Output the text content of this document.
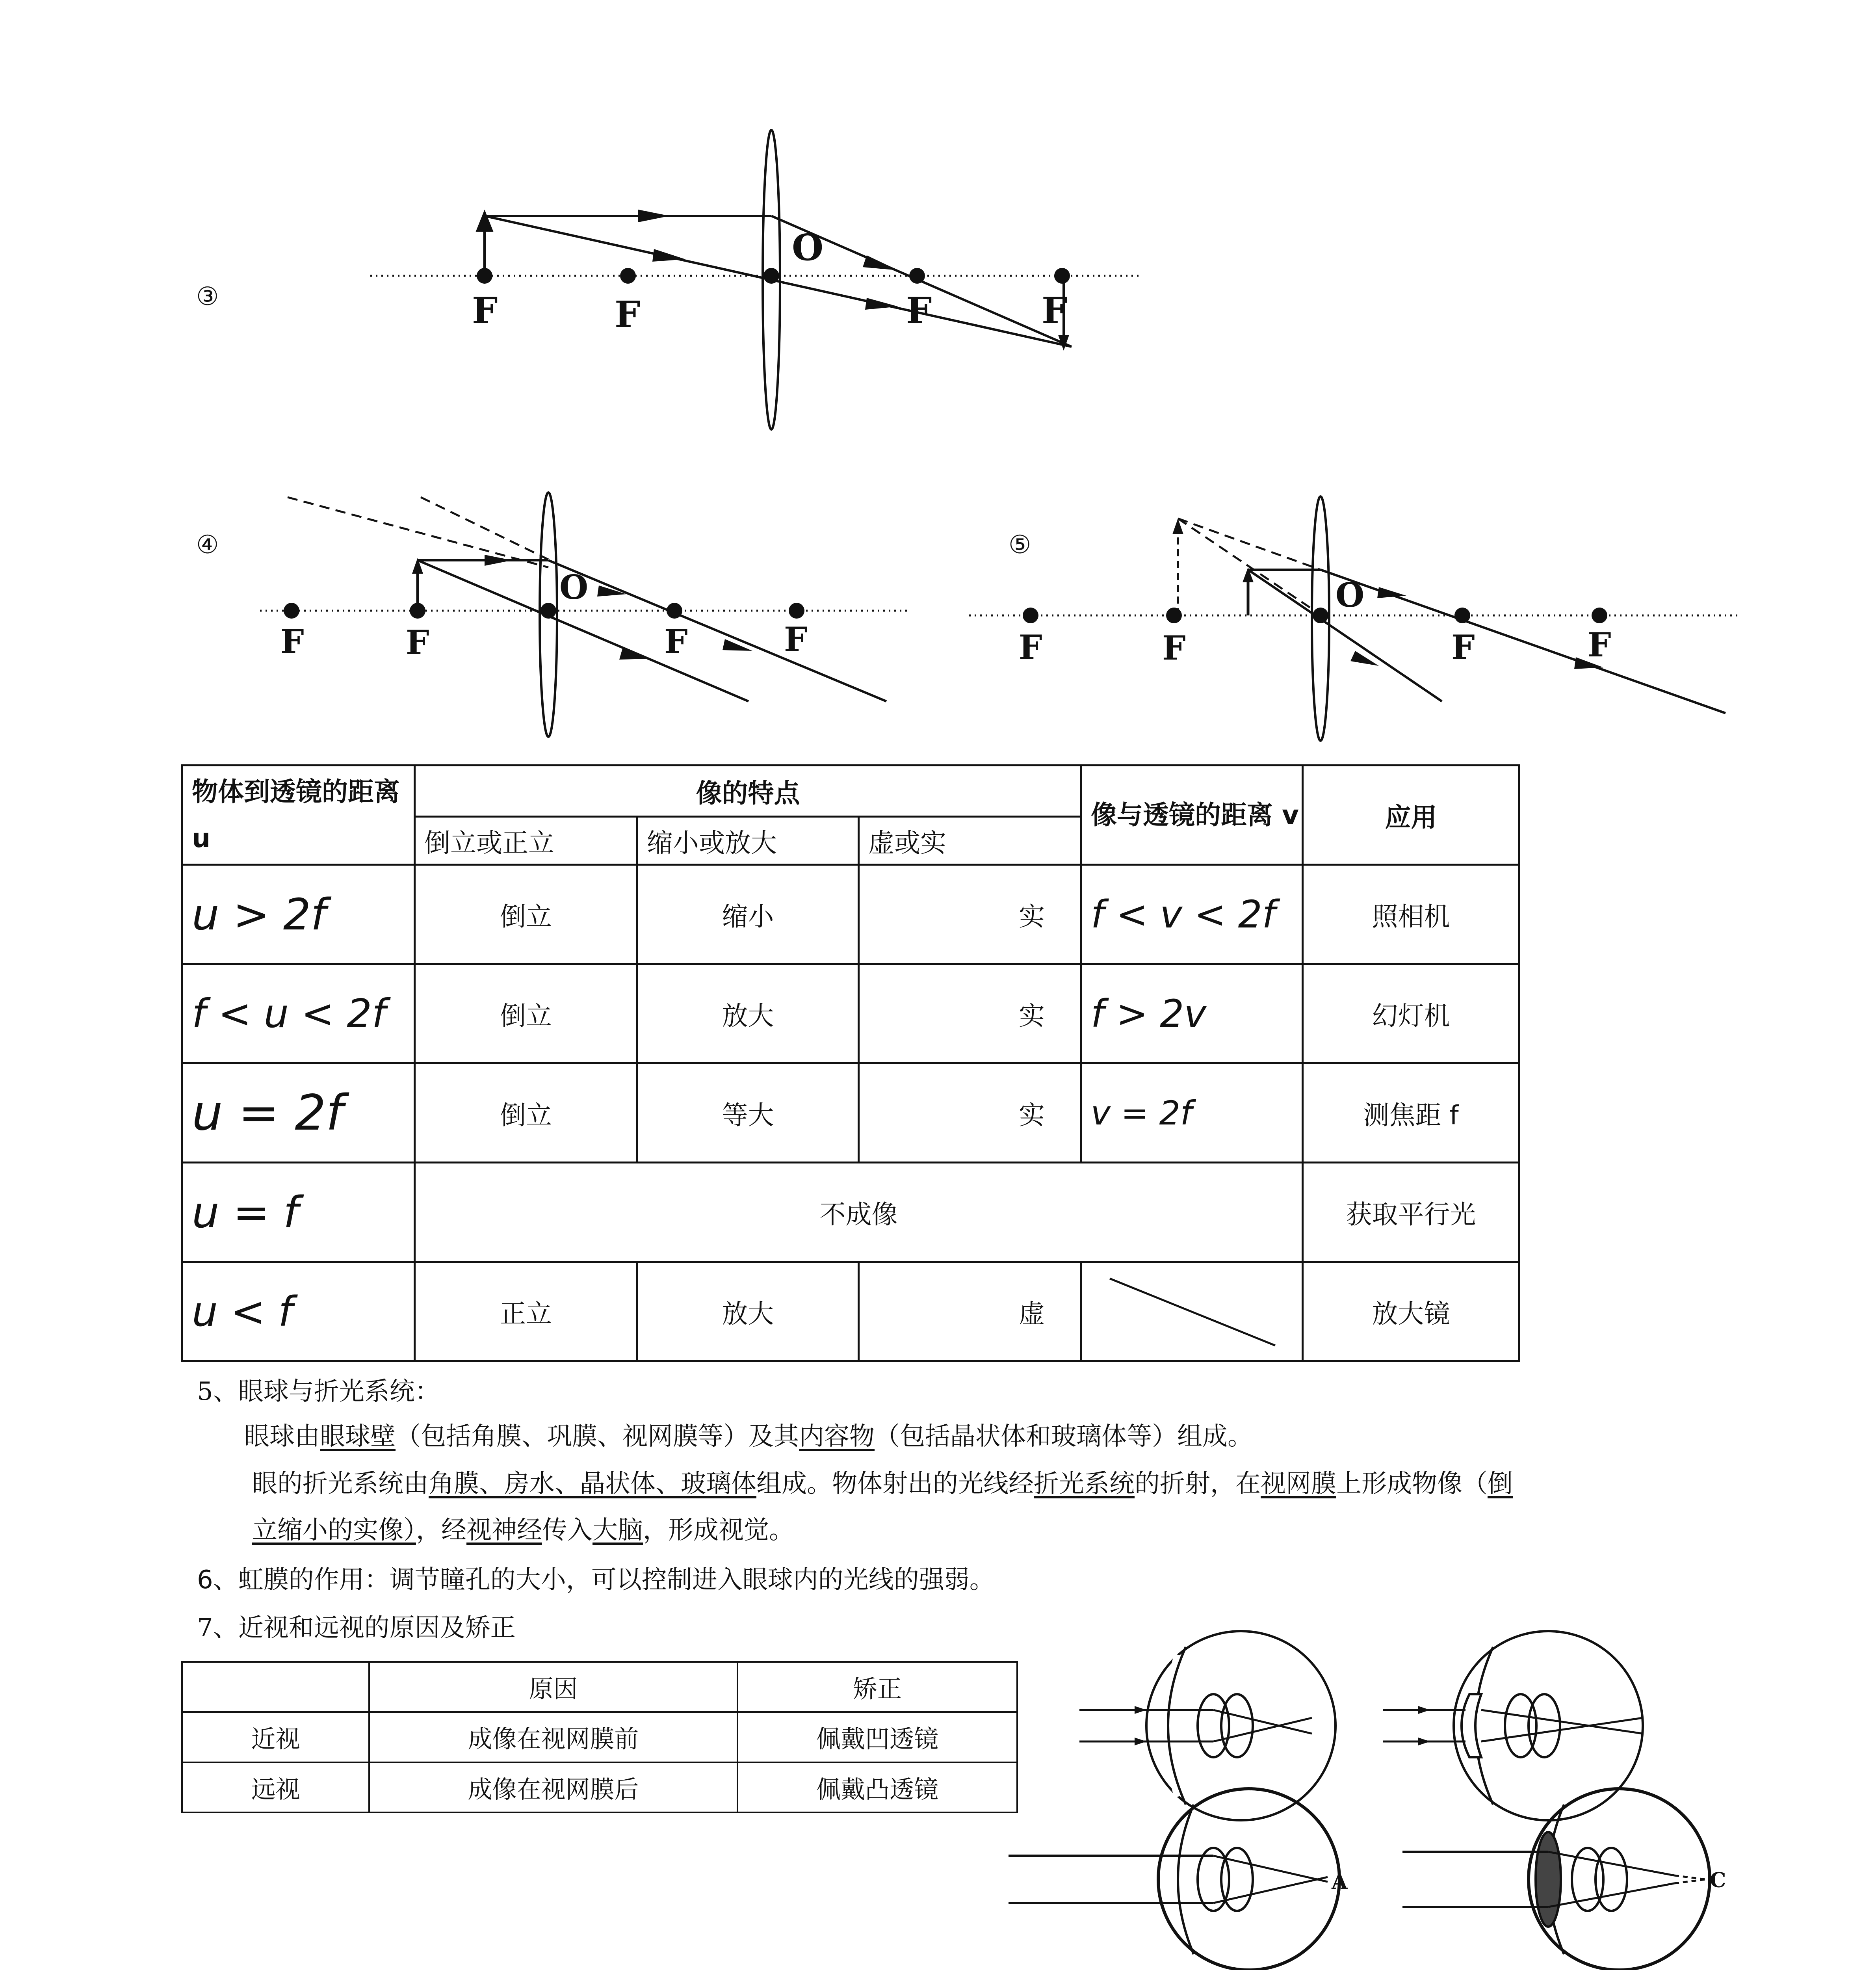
③	F	F
O
F	F
④
F	F
O
F	F
⑤
F	F
O
F	F
物体到透镜的距离 u	像的特点			像与透镜的距离 v	应用
	倒立或正立	缩小或放大	虚或实		
u > 2f	倒立	缩小	实	f < v < 2f	照相机
f < u < 2f	倒立	放大	实	f > 2v	幻灯机
u = 2f	倒立	等大	实	v = 2f	测焦距 f
u = f	不成像				获取平行光
u < f	正立	放大	虚		放大镜
5、眼球与折光系统：
眼球由眼球壁（包括角膜、巩膜、视网膜等）及其内容物（包括晶状体和玻璃体等）组成。
眼的折光系统由角膜、房水、晶状体、玻璃体组成。物体射出的光线经折光系统的折射，在视网膜上形成物像（倒
立缩小的实像），经视神经传入大脑，形成视觉。
6、虹膜的作用：调节瞳孔的大小，可以控制进入眼球内的光线的强弱。
7、近视和远视的原因及矫正
	原因	矫正
近视	成像在视网膜前	佩戴凹透镜
远视	成像在视网膜后	佩戴凸透镜
A	C
